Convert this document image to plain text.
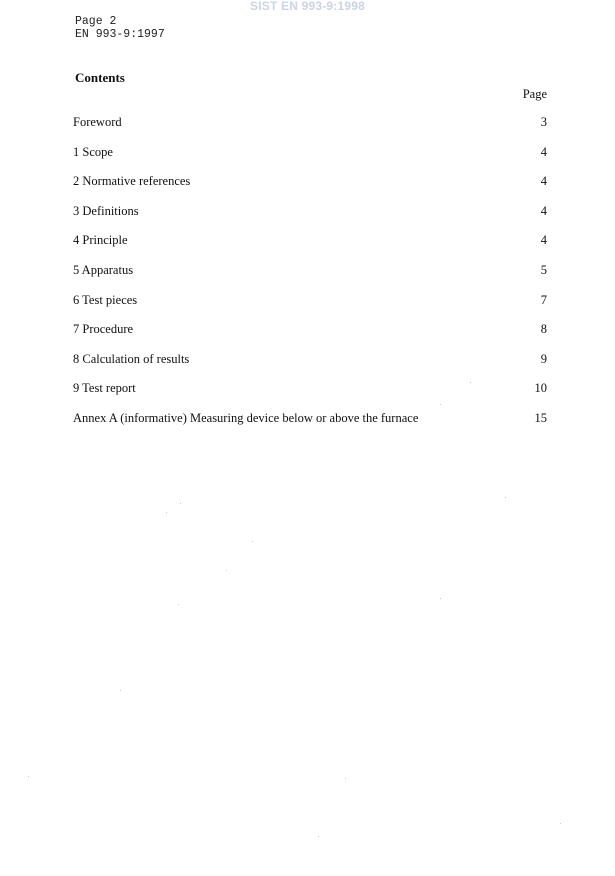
SIST EN 993-9:1998
Page 2
EN 993-9:1997
Contents
Page
Foreword	3
1 Scope	4
2 Normative references	4
3 Definitions	4
4 Principle	4
5 Apparatus	5
6 Test pieces	7
7 Procedure	8
8 Calculation of results	9
9 Test report	10
Annex A (informative) Measuring device below or above the furnace	15
